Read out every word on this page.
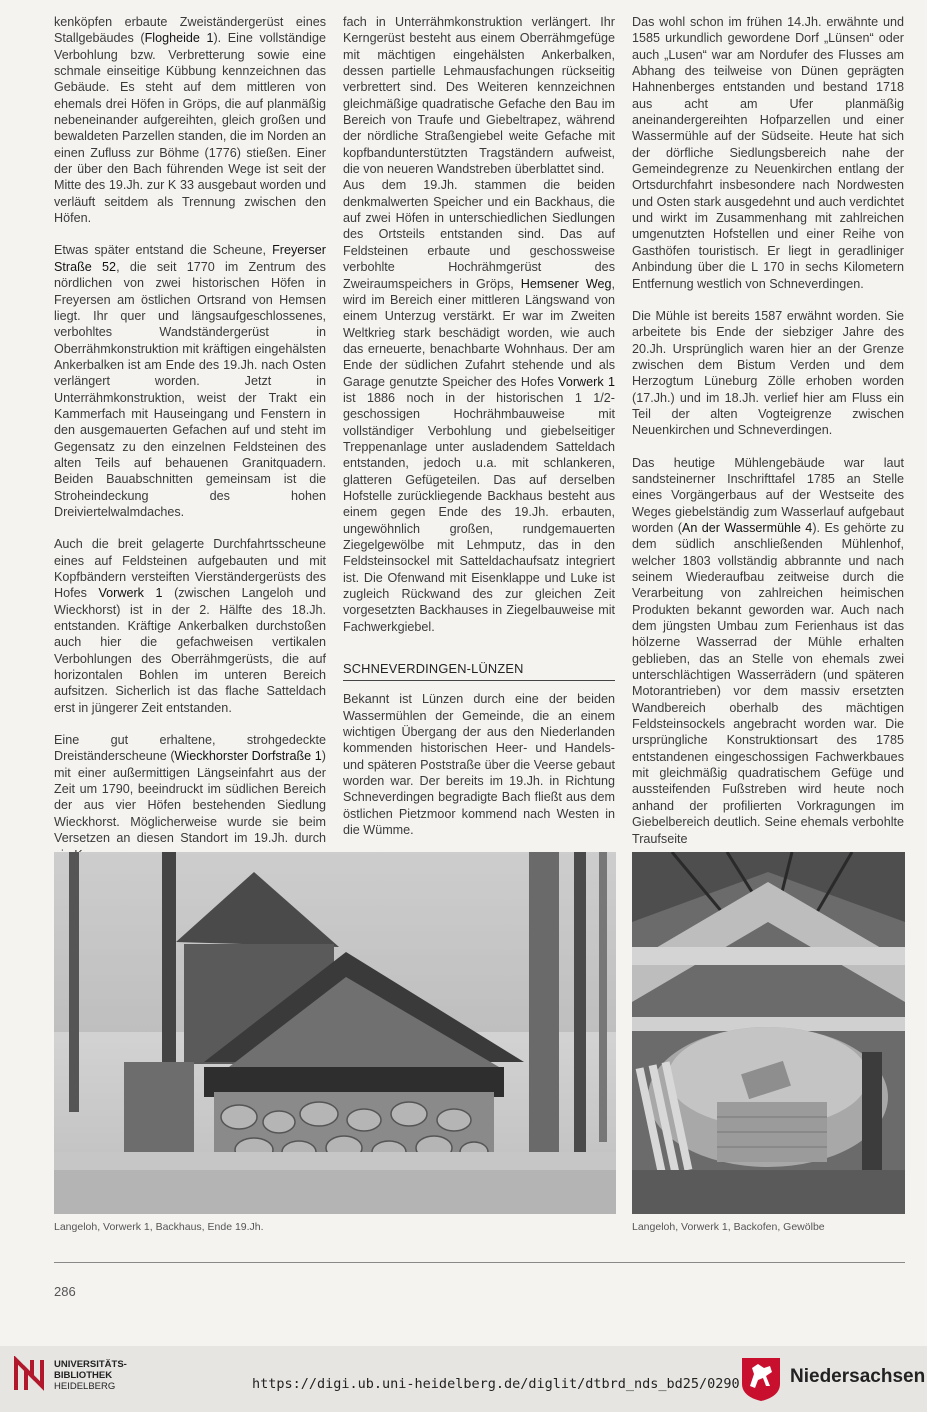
kenköpfen erbaute Zweiständergerüst eines Stallgebäudes (Flogheide 1). Eine vollständige Verbohlung bzw. Verbretterung sowie eine schmale einseitige Kübbung kennzeichnen das Gebäude. Es steht auf dem mittleren von ehemals drei Höfen in Gröps, die auf planmäßig nebeneinander aufgereihten, gleich großen und bewaldeten Parzellen standen, die im Norden an einen Zufluss zur Böhme (1776) stießen. Einer der über den Bach führenden Wege ist seit der Mitte des 19.Jh. zur K 33 ausgebaut worden und verläuft seitdem als Trennung zwischen den Höfen.

Etwas später entstand die Scheune, Freyerser Straße 52, die seit 1770 im Zentrum des nördlichen von zwei historischen Höfen in Freyersen am östlichen Ortsrand von Hemsen liegt. Ihr quer und längsaufgeschlossenes, verbohltes Wandständergerüst in Oberrähmkonstruktion mit kräftigen eingehälsten Ankerbalken ist am Ende des 19.Jh. nach Osten verlängert worden. Jetzt in Unterrähmkonstruktion, weist der Trakt ein Kammerfach mit Hauseingang und Fenstern in den ausgemauerten Gefachen auf und steht im Gegensatz zu den einzelnen Feldsteinen des alten Teils auf behauenen Granitquadern. Beiden Bauabschnitten gemeinsam ist die Stroheindeckung des hohen Dreiviertelwalmdaches.

Auch die breit gelagerte Durchfahrtsscheune eines auf Feldsteinen aufgebauten und mit Kopfbändern versteiften Vierständergerüsts des Hofes Vorwerk 1 (zwischen Langeloh und Wieckhorst) ist in der 2. Hälfte des 18.Jh. entstanden. Kräftige Ankerbalken durchstoßen auch hier die gefachweisen vertikalen Verbohlungen des Oberrähmgerüsts, die auf horizontalen Bohlen im unteren Bereich aufsitzen. Sicherlich ist das flache Satteldach erst in jüngerer Zeit entstanden.

Eine gut erhaltene, strohgedeckte Dreiständerscheune (Wieckhorster Dorfstraße 1) mit einer außermittigen Längseinfahrt aus der Zeit um 1790, beeindruckt im südlichen Bereich der aus vier Höfen bestehenden Siedlung Wieckhorst. Möglicherweise wurde sie beim Versetzen an diesen Standort im 19.Jh. durch

fach in Unterrähmkonstruktion verlängert. Ihr Kerngerüst besteht aus einem Oberrähmgefüge mit mächtigen eingehälsten Ankerbalken, dessen partielle Lehmausfachungen rückseitig verbrettert sind. Des Weiteren kennzeichnen gleichmäßige quadratische Gefache den Bau im Bereich von Traufe und Giebeltrapez, während der nördliche Straßengiebel weite Gefache mit kopfbandunterstützten Tragständern aufweist, die von neueren Wandstreben überblattet sind.

Aus dem 19.Jh. stammen die beiden denkmalwerten Speicher und ein Backhaus, die auf zwei Höfen in unterschiedlichen Siedlungen des Ortsteils entstanden sind. Das auf Feldsteinen erbaute und geschossweise verbohlte Hochrähmgerüst des Zweiraumspeichers in Gröps, Hemsener Weg, wird im Bereich einer mittleren Längswand von einem Unterzug verstärkt. Er war im Zweiten Weltkrieg stark beschädigt worden, wie auch das erneuerte, benachbarte Wohnhaus. Der am Ende der südlichen Zufahrt stehende und als Garage genutzte Speicher des Hofes Vorwerk 1 ist 1886 noch in der historischen 1 1/2-geschossigen Hochrähmbauweise mit vollständiger Verbohlung und giebelseitiger Treppenanlage unter ausladendem Satteldach entstanden, jedoch u.a. mit schlankeren, glatteren Gefügeteilen. Das auf derselben Hofstelle zurückliegende Backhaus besteht aus einem gegen Ende des 19.Jh. erbauten, ungewöhnlich großen, rundgemauerten Ziegelgewölbe mit Lehmputz, das in den Feldsteinsockel mit Satteldachaufsatz integriert ist. Die Ofenwand mit Eisenklappe und Luke ist zugleich Rückwand des zur gleichen Zeit vorgesetzten Backhauses in Ziegelbauweise mit Fachwerkgiebel.

SCHNEVERDINGEN-LÜNZEN

Bekannt ist Lünzen durch eine der beiden Wassermühlen der Gemeinde, die an einem wichtigen Übergang der aus den Niederlanden kommenden historischen Heer- und Handels- und späteren Poststraße über die Veerse gebaut worden war. Der bereits im 19.Jh. in Richtung Schneverdingen begradigte Bach fließt aus dem östlichen Pietzmoor kommend nach Westen in die Wümme.

Das wohl schon im frühen 14.Jh. erwähnte und 1585 urkundlich gewordene Dorf „Lünsen“ oder auch „Lusen“ war am Nordufer des Flusses am Abhang des teilweise von Dünen geprägten Hahnenberges entstanden und bestand 1718 aus acht am Ufer planmäßig aneinandergereihten Hofparzellen und einer Wassermühle auf der Südseite. Heute hat sich der dörfliche Siedlungsbereich nahe der Gemeindegrenze zu Neuenkirchen entlang der Ortsdurchfahrt insbesondere nach Nordwesten und Osten stark ausgedehnt und auch verdichtet und wirkt im Zusammenhang mit zahlreichen umgenutzten Hofstellen und einer Reihe von Gasthöfen touristisch. Er liegt in geradliniger Anbindung über die L 170 in sechs Kilometern Entfernung westlich von Schneverdingen.

Die Mühle ist bereits 1587 erwähnt worden. Sie arbeitete bis Ende der siebziger Jahre des 20.Jh. Ursprünglich waren hier an der Grenze zwischen dem Bistum Verden und dem Herzogtum Lüneburg Zölle erhoben worden (17.Jh.) und im 18.Jh. verlief hier am Fluss ein Teil der alten Vogteigrenze zwischen Neuenkirchen und Schneverdingen.

Das heutige Mühlengebäude war laut sandsteinerner Inschrifttafel 1785 an Stelle eines Vorgängerbaus auf der Westseite des Weges giebelständig zum Wasserlauf aufgebaut worden (An der Wassermühle 4). Es gehörte zu dem südlich anschließenden Mühlenhof, welcher 1803 vollständig abbrannte und nach seinem Wiederaufbau zeitweise durch die Verarbeitung von zahlreichen heimischen Produkten bekannt geworden war. Auch nach dem jüngsten Umbau zum Ferienhaus ist das hölzerne Wasserrad der Mühle erhalten geblieben, das an Stelle von ehemals zwei unterschlächtigen Wasserrädern (und späteren Motorantrieben) vor dem massiv ersetzten Wandbereich oberhalb des mächtigen Feldsteinsockels angebracht worden war. Die ursprüngliche Konstruktionsart des 1785 entstandenen eingeschossigen Fachwerkbaues mit gleichmäßig quadratischem Gefüge und aussteifenden Fußstreben wird heute noch anhand der profilierten Vorkragungen im Giebelbereich deutlich. Seine ehemals verbohlte Traufseite

Langeloh, Vorwerk 1, Backhaus, Ende 19.Jh.	Langeloh, Vorwerk 1, Backofen, Gewölbe
286
UNIVERSITÄTS-
BIBLIOTHEK
HEIDELBERG	https://digi.ub.uni-heidelberg.de/diglit/dtbrd_nds_bd25/0290	Niedersachsen
